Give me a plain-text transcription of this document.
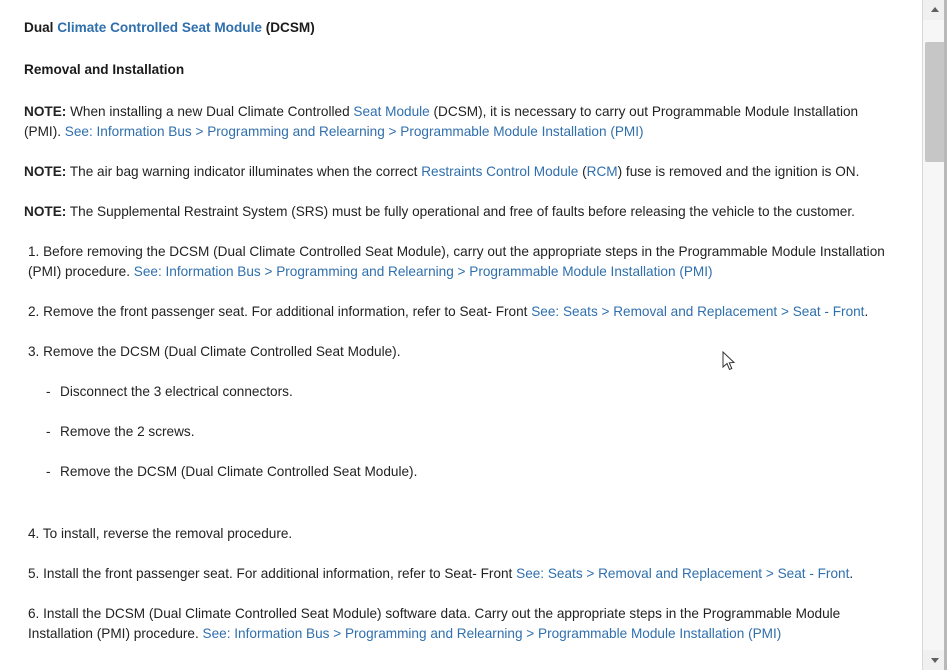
Dual Climate Controlled Seat Module (DCSM)
Removal and Installation

NOTE: When installing a new Dual Climate Controlled Seat Module (DCSM), it is necessary to carry out Programmable Module Installation (PMI). See: Information Bus > Programming and Relearning > Programmable Module Installation (PMI)

NOTE: The air bag warning indicator illuminates when the correct Restraints Control Module (RCM) fuse is removed and the ignition is ON.

NOTE: The Supplemental Restraint System (SRS) must be fully operational and free of faults before releasing the vehicle to the customer.

1. Before removing the DCSM (Dual Climate Controlled Seat Module), carry out the appropriate steps in the Programmable Module Installation (PMI) procedure. See: Information Bus > Programming and Relearning > Programmable Module Installation (PMI)

2. Remove the front passenger seat. For additional information, refer to Seat- Front See: Seats > Removal and Replacement > Seat - Front.

3. Remove the DCSM (Dual Climate Controlled Seat Module).

- Disconnect the 3 electrical connectors.

- Remove the 2 screws.

- Remove the DCSM (Dual Climate Controlled Seat Module).

4. To install, reverse the removal procedure.

5. Install the front passenger seat. For additional information, refer to Seat- Front See: Seats > Removal and Replacement > Seat - Front.

6. Install the DCSM (Dual Climate Controlled Seat Module) software data. Carry out the appropriate steps in the Programmable Module Installation (PMI) procedure. See: Information Bus > Programming and Relearning > Programmable Module Installation (PMI)
